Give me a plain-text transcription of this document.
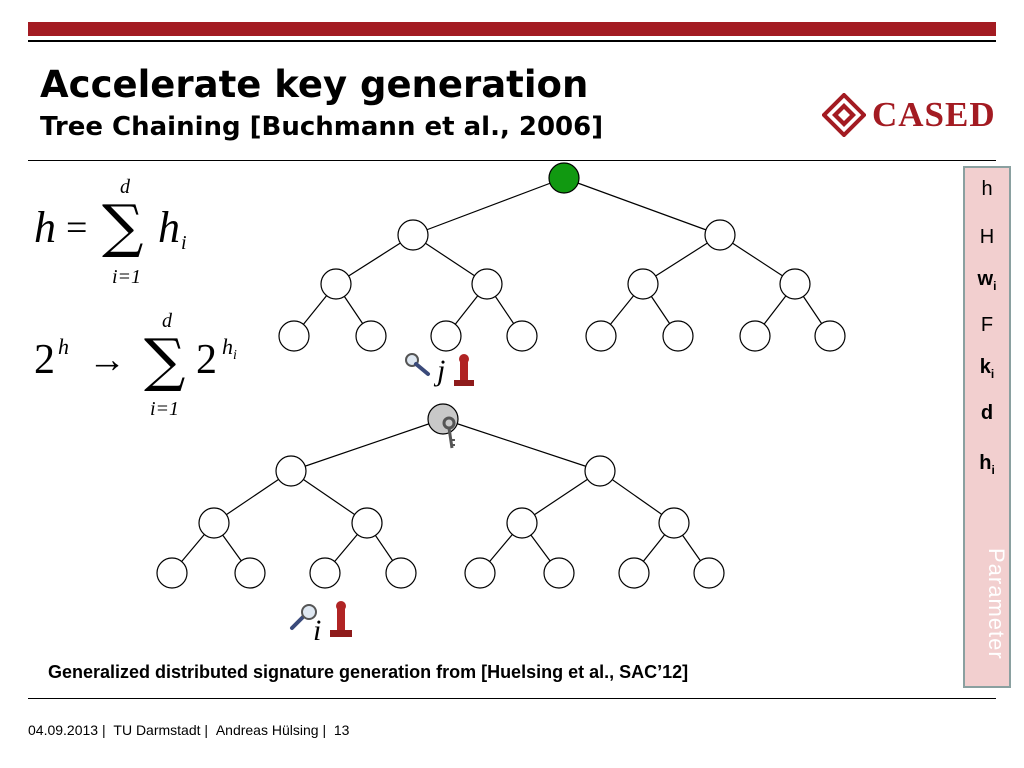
Accelerate key generation
Tree Chaining [Buchmann et al., 2006]	CASED
h =
d
∑
i=1
h i
2 h →
d
∑
i=1
2 h i	j
i

Generalized distributed signature generation from [Huelsing et al., SAC’12]

04.09.2013 | TU Darmstadt | Andreas Hülsing | 13
h
H
$w_i$
F
$k_i$
d
$h_i$
Parameter
